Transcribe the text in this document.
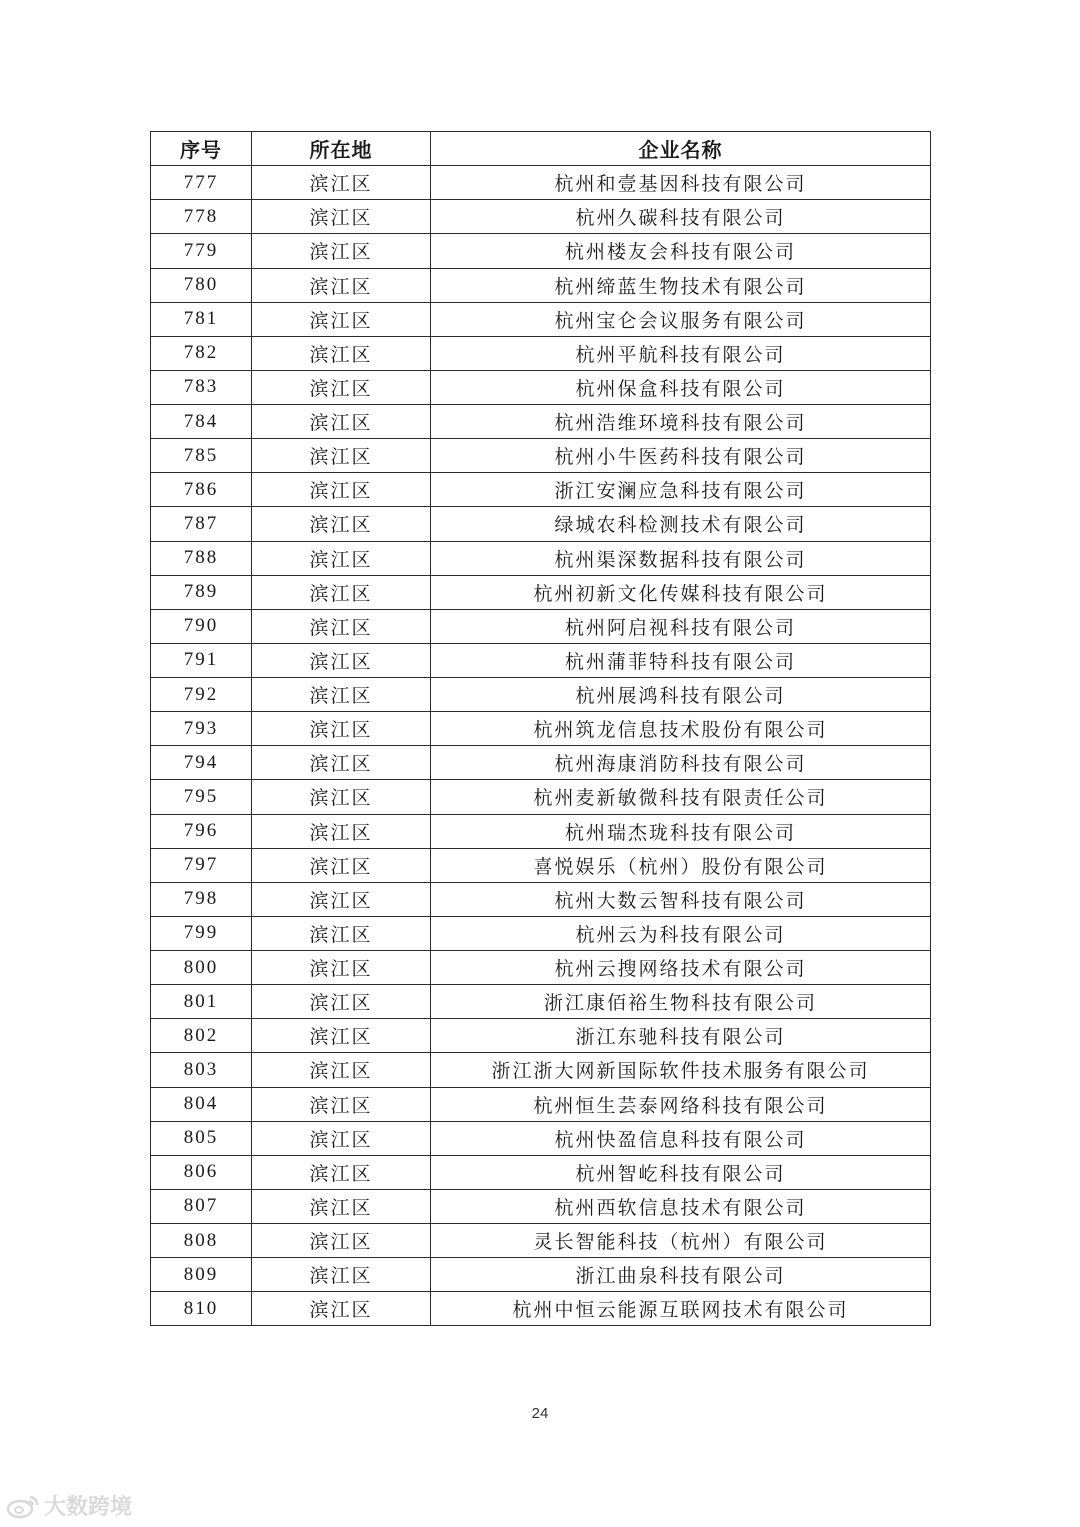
序号	所在地	企业名称
777	滨江区	杭州和壹基因科技有限公司
778	滨江区	杭州久碳科技有限公司
779	滨江区	杭州楼友会科技有限公司
780	滨江区	杭州缔蓝生物技术有限公司
781	滨江区	杭州宝仑会议服务有限公司
782	滨江区	杭州平航科技有限公司
783	滨江区	杭州保盒科技有限公司
784	滨江区	杭州浩维环境科技有限公司
785	滨江区	杭州小牛医药科技有限公司
786	滨江区	浙江安澜应急科技有限公司
787	滨江区	绿城农科检测技术有限公司
788	滨江区	杭州渠深数据科技有限公司
789	滨江区	杭州初新文化传媒科技有限公司
790	滨江区	杭州阿启视科技有限公司
791	滨江区	杭州蒲菲特科技有限公司
792	滨江区	杭州展鸿科技有限公司
793	滨江区	杭州筑龙信息技术股份有限公司
794	滨江区	杭州海康消防科技有限公司
795	滨江区	杭州麦新敏微科技有限责任公司
796	滨江区	杭州瑞杰珑科技有限公司
797	滨江区	喜悦娱乐（杭州）股份有限公司
798	滨江区	杭州大数云智科技有限公司
799	滨江区	杭州云为科技有限公司
800	滨江区	杭州云搜网络技术有限公司
801	滨江区	浙江康佰裕生物科技有限公司
802	滨江区	浙江东驰科技有限公司
803	滨江区	浙江浙大网新国际软件技术服务有限公司
804	滨江区	杭州恒生芸泰网络科技有限公司
805	滨江区	杭州快盈信息科技有限公司
806	滨江区	杭州智屹科技有限公司
807	滨江区	杭州西软信息技术有限公司
808	滨江区	灵长智能科技（杭州）有限公司
809	滨江区	浙江曲泉科技有限公司
810	滨江区	杭州中恒云能源互联网技术有限公司
24
大数跨境
